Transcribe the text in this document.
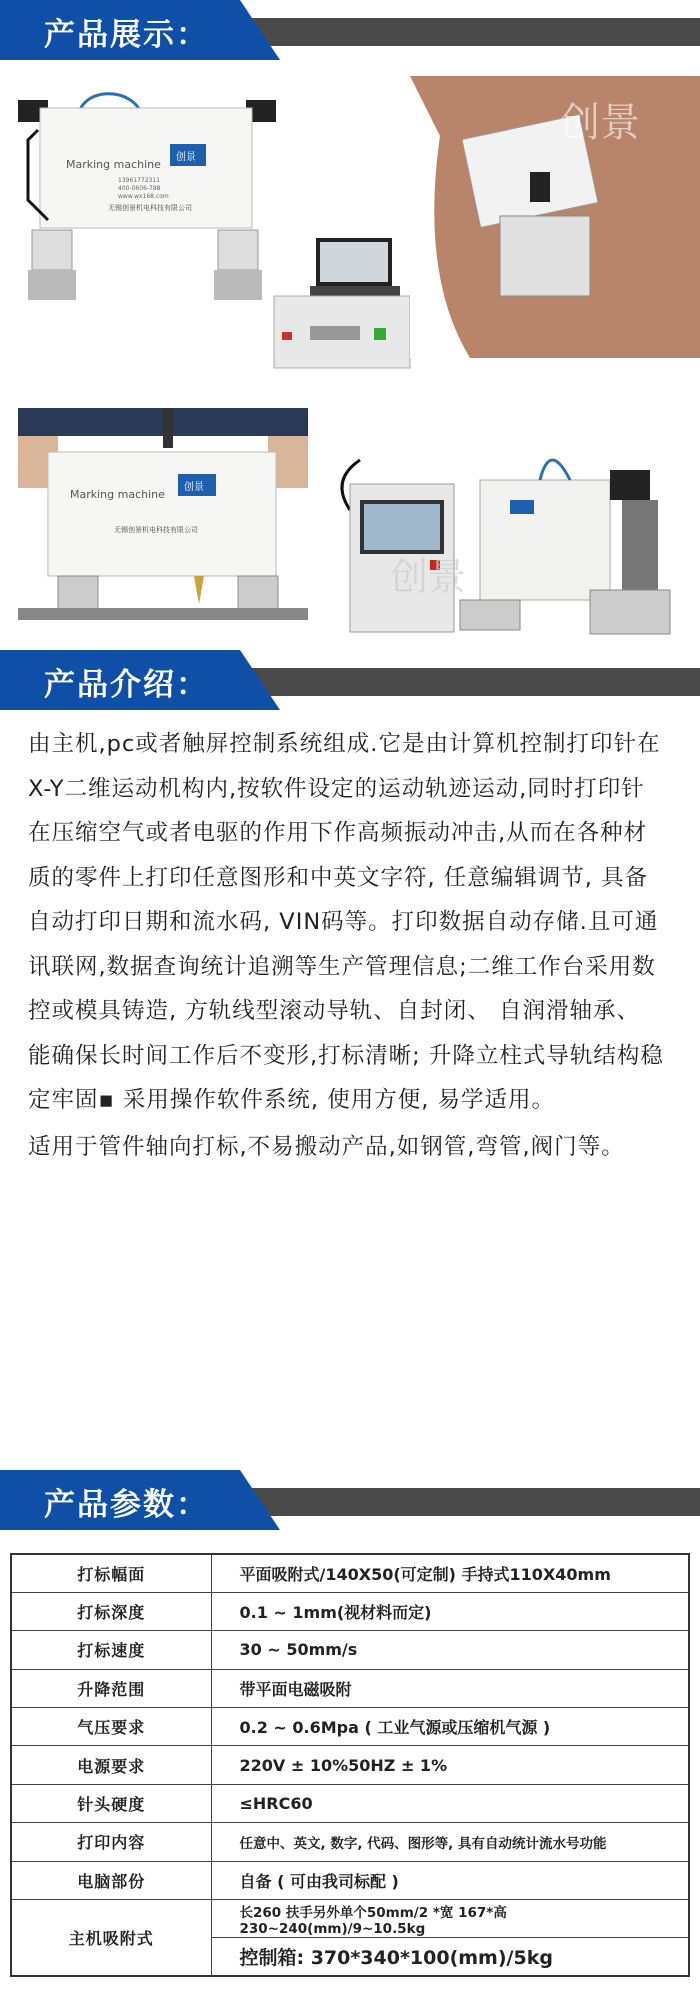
产品展示：
Marking machine
创景
13961772311
400-0606-788
www.wx168.com
无锡创景机电科技有限公司
创景
Marking machine
创景
无锡创景机电科技有限公司
创景
产品介绍：

由主机,pc或者触屏控制系统组成.它是由计算机控制打印针在X-Y二维运动机构内,按软件设定的运动轨迹运动,同时打印针在压缩空气或者电驱的作用下作高频振动冲击,从而在各种材质的零件上打印任意图形和中英文字符, 任意编辑调节, 具备自动打印日期和流水码, VIN码等。打印数据自动存储.且可通讯联网,数据查询统计追溯等生产管理信息;二维工作台采用数控或模具铸造, 方轨线型滚动导轨、自封闭、 自润滑轴承、 能确保长时间工作后不变形,打标清晰; 升降立柱式导轨结构稳定牢固▪ 采用操作软件系统, 使用方便, 易学适用。

适用于管件轴向打标,不易搬动产品,如钢管,弯管,阀门等。

产品参数：
打标幅面	平面吸附式/140X50(可定制) 手持式110X40mm
打标深度	0.1 ~ 1mm(视材料而定)
打标速度	30 ~ 50mm/s
升降范围	带平面电磁吸附
气压要求	0.2 ~ 0.6Mpa ( 工业气源或压缩机气源 )
电源要求	220V ± 10%50HZ ± 1%
针头硬度	≤HRC60
打印内容	任意中、英文, 数字, 代码、图形等, 具有自动统计流水号功能
电脑部份	自备 ( 可由我司标配 )
主机吸附式	长260 扶手另外单个50mm/2 *宽 167*高230~240(mm)/9~10.5kg
	控制箱: 370*340*100(mm)/5kg
